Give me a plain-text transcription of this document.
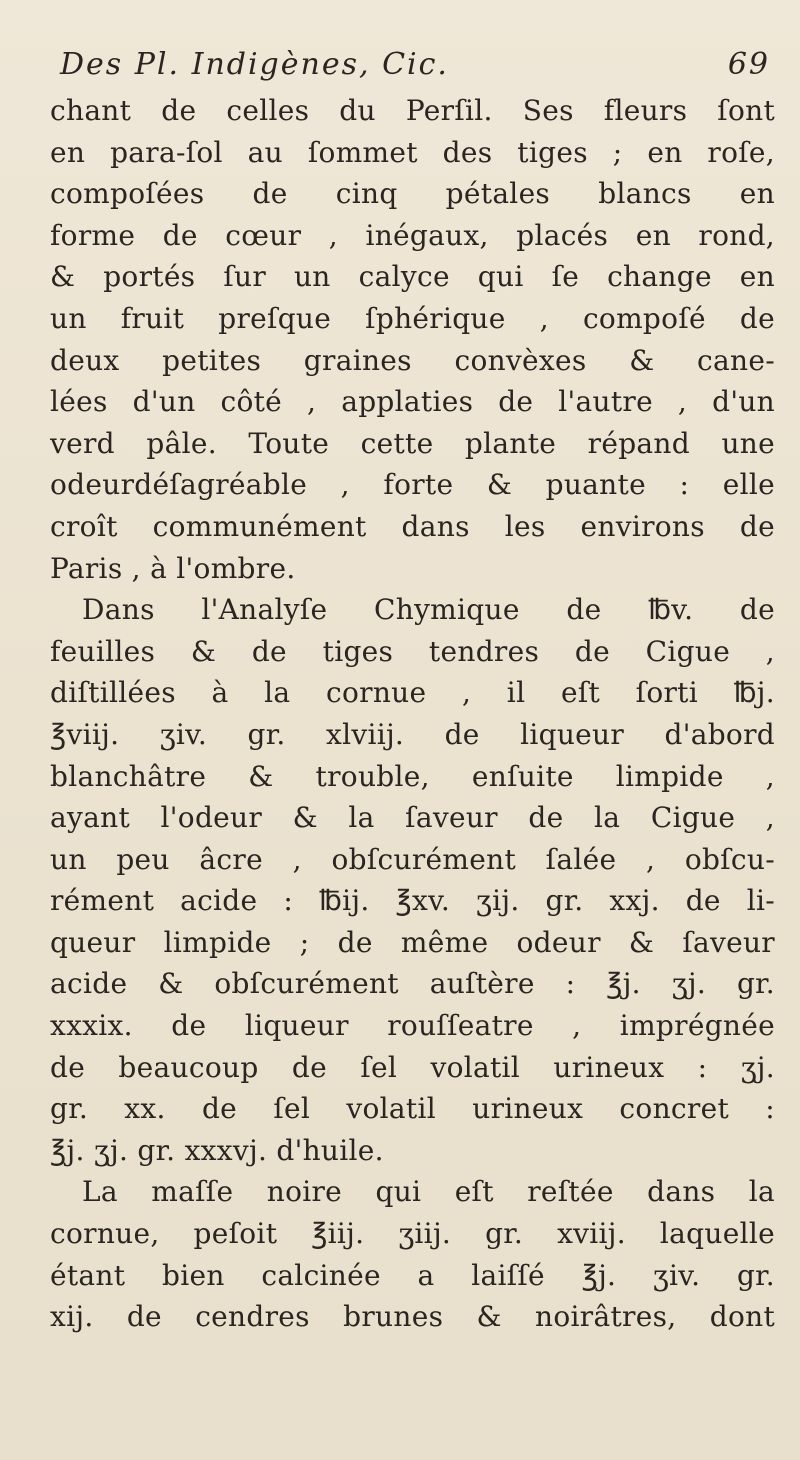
Des Pl. Indigènes, Cic.	69
chant de celles du Perſil. Ses fleurs ſont
en para-ſol au ſommet des tiges ; en roſe,
compoſées de cinq pétales blancs en
forme de cœur , inégaux, placés en rond,
& portés ſur un calyce qui ſe change en
un fruit preſque ſphérique , compoſé de
deux petites graines convèxes & cane-
lées d'un côté , applaties de l'autre , d'un
verd pâle. Toute cette plante répand une
odeurdéſagréable , forte & puante : elle
croît communément dans les environs de
Paris , à l'ombre.
Dans l'Analyſe Chymique de ℔v. de
feuilles & de tiges tendres de Cigue ,
diſtillées à la cornue , il eſt ſorti ℔j.
℥viij. ʒiv. gr. xlviij. de liqueur d'abord
blanchâtre & trouble, enſuite limpide ,
ayant l'odeur & la ſaveur de la Cigue ,
un peu âcre , obſcurément ſalée , obſcu-
rément acide : ℔ij. ℥xv. ʒij. gr. xxj. de li-
queur limpide ; de même odeur & ſaveur
acide & obſcurément auſtère : ℥j. ʒj. gr.
xxxix. de liqueur rouſſeatre , imprégnée
de beaucoup de ſel volatil urineux : ʒj.
gr. xx. de ſel volatil urineux concret :
℥j. ʒj. gr. xxxvj. d'huile.
La maſſe noire qui eſt reſtée dans la
cornue, peſoit ℥iij. ʒiij. gr. xviij. laquelle
étant bien calcinée a laiſſé ℥j. ʒiv. gr.
xij. de cendres brunes & noirâtres, dont
